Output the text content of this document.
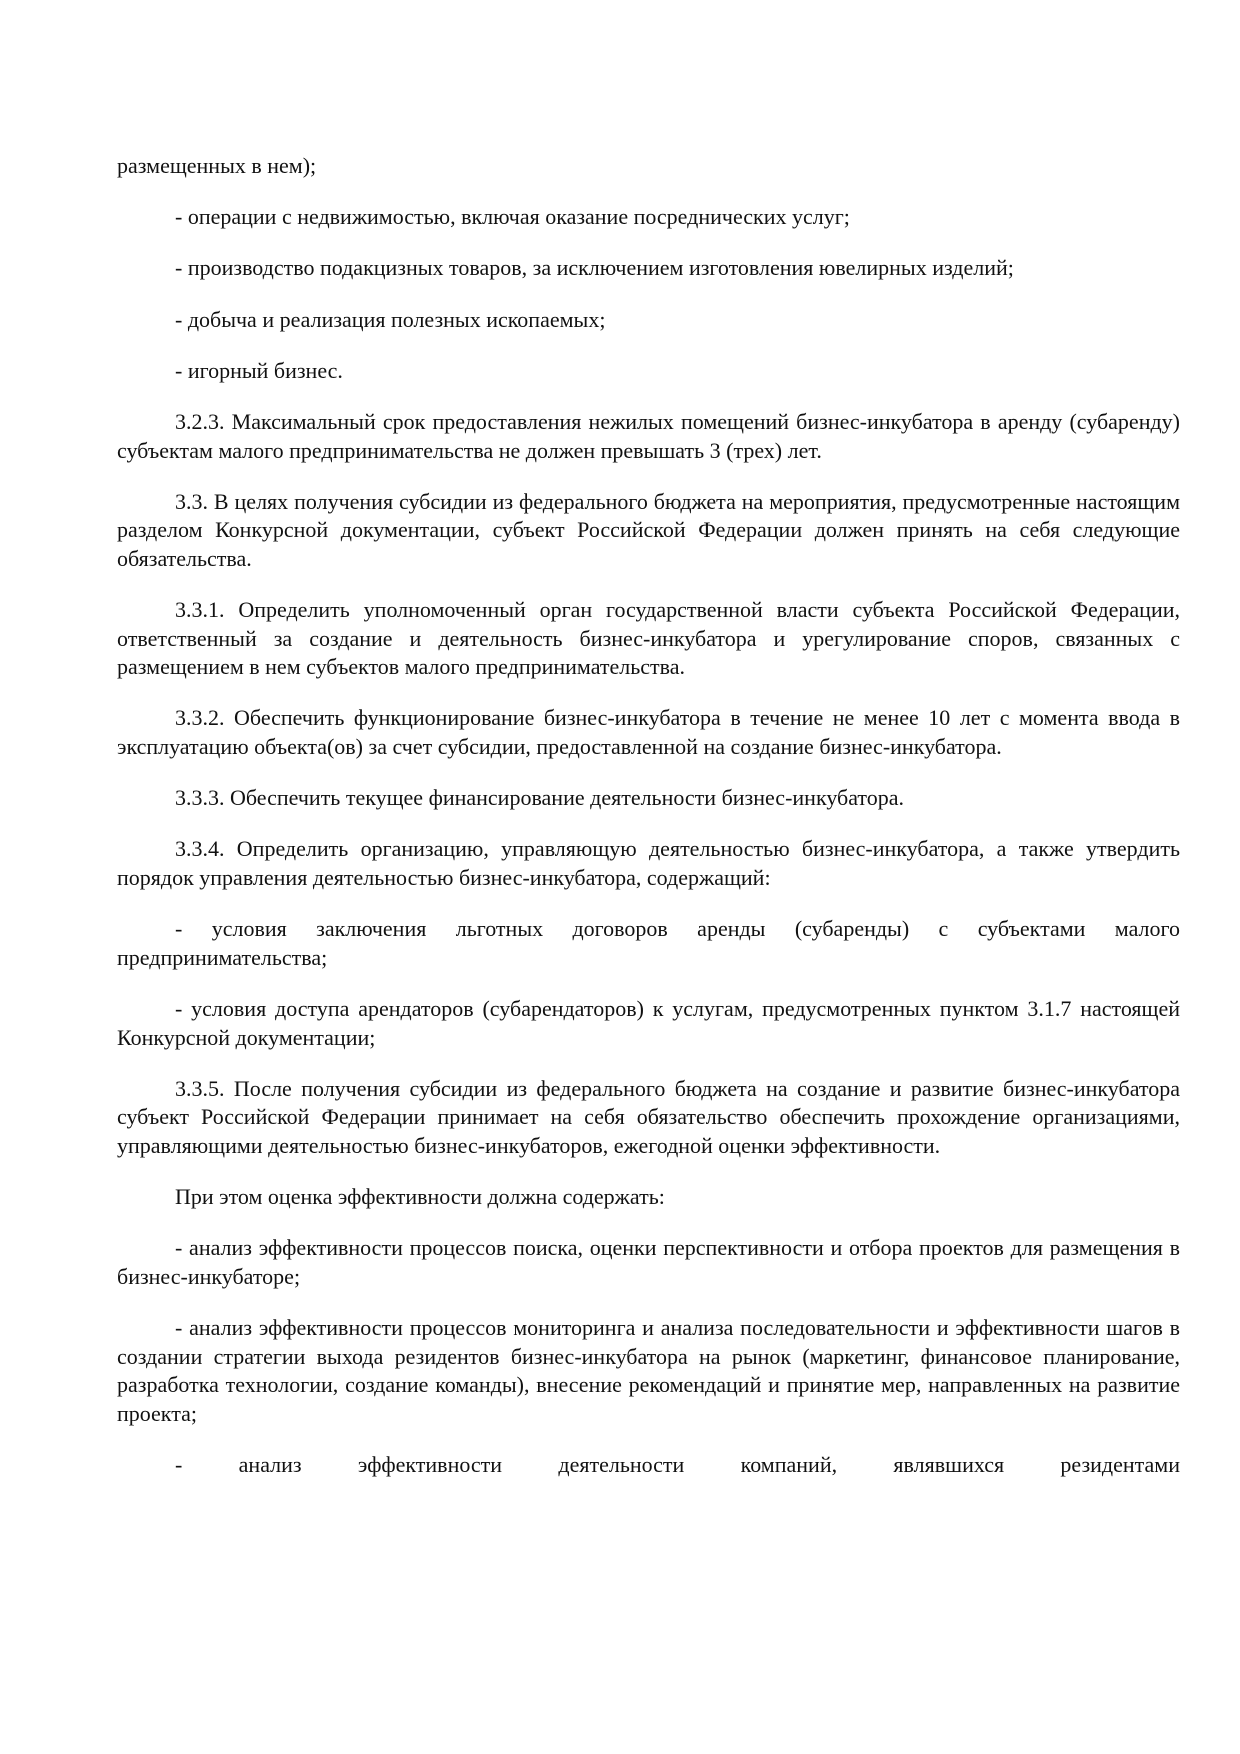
размещенных в нем);

- операции с недвижимостью, включая оказание посреднических услуг;

- производство подакцизных товаров, за исключением изготовления ювелирных изделий;

- добыча и реализация полезных ископаемых;

- игорный бизнес.

3.2.3. Максимальный срок предоставления нежилых помещений бизнес-инкубатора в аренду (субаренду) субъектам малого предпринимательства не должен превышать 3 (трех) лет.

3.3. В целях получения субсидии из федерального бюджета на мероприятия, предусмотренные настоящим разделом Конкурсной документации, субъект Российской Федерации должен принять на себя следующие обязательства.

3.3.1. Определить уполномоченный орган государственной власти субъекта Российской Федерации, ответственный за создание и деятельность бизнес-инкубатора и урегулирование споров, связанных с размещением в нем субъектов малого предпринимательства.

3.3.2. Обеспечить функционирование бизнес-инкубатора в течение не менее 10 лет с момента ввода в эксплуатацию объекта(ов) за счет субсидии, предоставленной на создание бизнес-инкубатора.

3.3.3. Обеспечить текущее финансирование деятельности бизнес-инкубатора.

3.3.4. Определить организацию, управляющую деятельностью бизнес-инкубатора, а также утвердить порядок управления деятельностью бизнес-инкубатора, содержащий:

- условия заключения льготных договоров аренды (субаренды) с субъектами малого предпринимательства;

- условия доступа арендаторов (субарендаторов) к услугам, предусмотренных пунктом 3.1.7 настоящей Конкурсной документации;

3.3.5. После получения субсидии из федерального бюджета на создание и развитие бизнес-инкубатора субъект Российской Федерации принимает на себя обязательство обеспечить прохождение организациями, управляющими деятельностью бизнес-инкубаторов, ежегодной оценки эффективности.

При этом оценка эффективности должна содержать:

- анализ эффективности процессов поиска, оценки перспективности и отбора проектов для размещения в бизнес-инкубаторе;

- анализ эффективности процессов мониторинга и анализа последовательности и эффективности шагов в создании стратегии выхода резидентов бизнес-инкубатора на рынок (маркетинг, финансовое планирование, разработка технологии, создание команды), внесение рекомендаций и принятие мер, направленных на развитие проекта;

- анализ эффективности деятельности компаний, являвшихся резидентами
